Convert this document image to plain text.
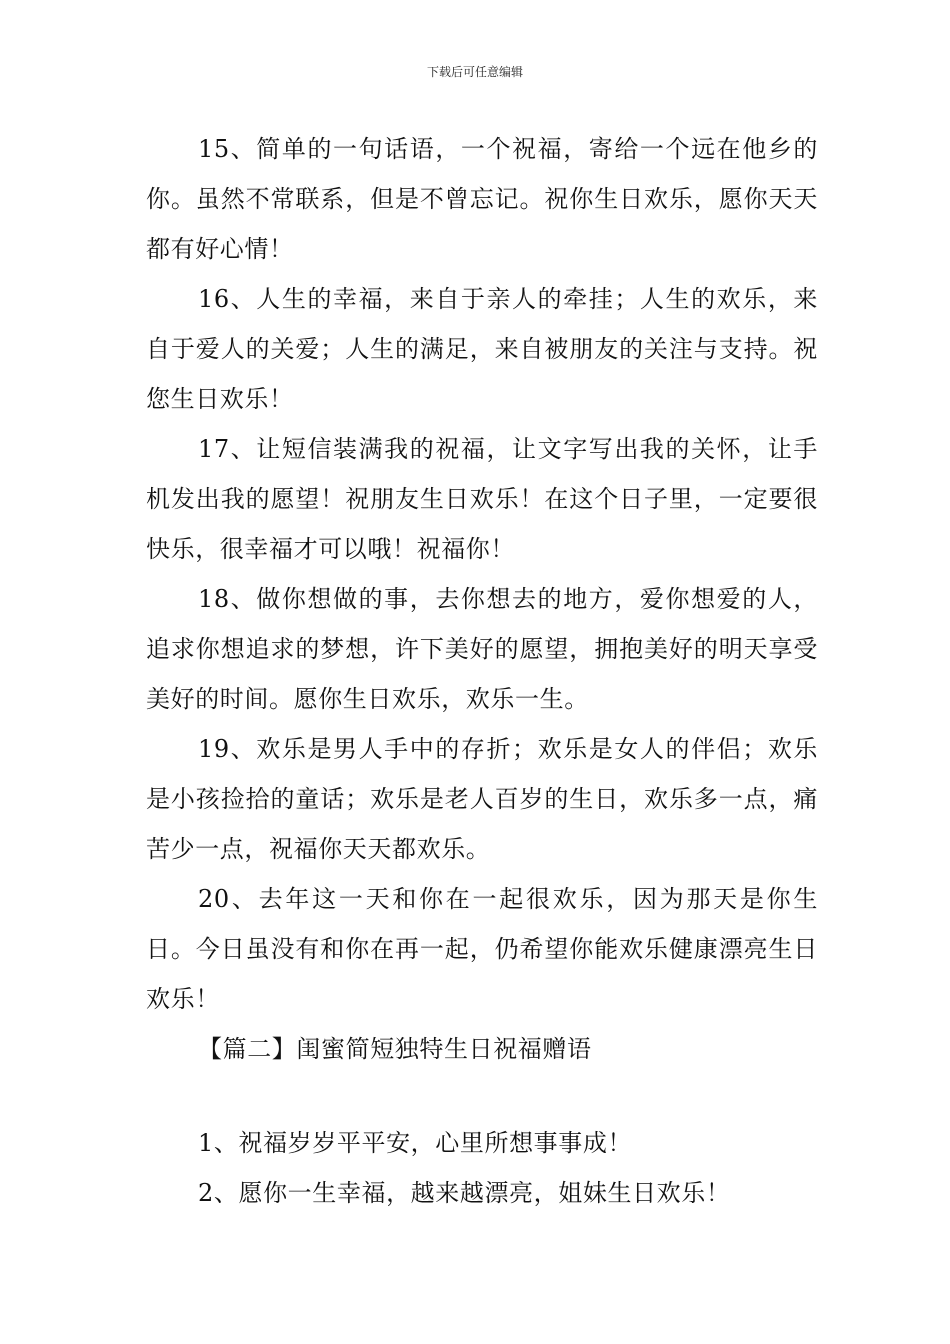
下载后可任意编辑

15、简单的一句话语，一个祝福，寄给一个远在他乡的你。虽然不常联系，但是不曾忘记。祝你生日欢乐，愿你天天都有好心情！

16、人生的幸福，来自于亲人的牵挂；人生的欢乐，来自于爱人的关爱；人生的满足，来自被朋友的关注与支持。祝您生日欢乐！

17、让短信装满我的祝福，让文字写出我的关怀，让手机发出我的愿望！祝朋友生日欢乐！在这个日子里，一定要很快乐，很幸福才可以哦！祝福你！

18、做你想做的事，去你想去的地方，爱你想爱的人，追求你想追求的梦想，许下美好的愿望，拥抱美好的明天享受美好的时间。愿你生日欢乐，欢乐一生。

19、欢乐是男人手中的存折；欢乐是女人的伴侣；欢乐是小孩捡拾的童话；欢乐是老人百岁的生日，欢乐多一点，痛苦少一点，祝福你天天都欢乐。

20、去年这一天和你在一起很欢乐，因为那天是你生日。今日虽没有和你在再一起，仍希望你能欢乐健康漂亮生日欢乐！

【篇二】闺蜜简短独特生日祝福赠语

1、祝福岁岁平平安，心里所想事事成！

2、愿你一生幸福，越来越漂亮，姐妹生日欢乐！
